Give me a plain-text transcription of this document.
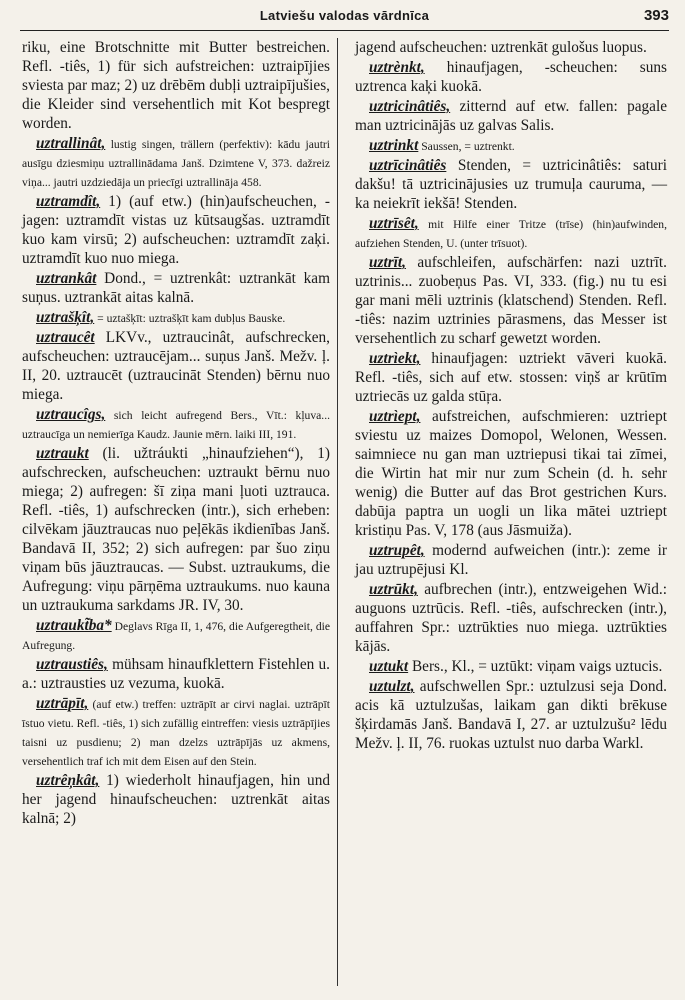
Latviešu valodas vārdnīca	393

riku, eine Brotschnitte mit Butter bestreichen. Refl. -tiês, 1) für sich aufstreichen: uztraipījies sviesta par maz; 2) uz drēbēm dubļi uztraipījušies, die Kleider sind versehentlich mit Kot bespregt worden.

uztrallinât, lustig singen, trällern (perfektiv): kādu jautri ausīgu dziesmiņu uztrallinādama Janš. Dzimtene V, 373. dažreiz viņa... jautri uzdziedāja un priecīgi uztrallināja 458.

uztramdît, 1) (auf etw.) (hin)aufscheuchen, -jagen: uztramdīt vistas uz kūtsaugšas. uztramdīt kuo kam virsū; 2) aufscheuchen: uztramdīt zaķi. uztramdīt kuo nuo miega.

uztrankât Dond., = uztrenkât: uztrankāt kam suņus. uztrankāt aitas kalnā.

uztrašķît, = uztašķīt: uztrašķīt kam dubļus Bauske.

uztraucêt LKVv., uztraucinât, aufschrecken, aufscheuchen: uztraucējam... suņus Janš. Mežv. ļ. II, 20. uztraucēt (uztraucināt Stenden) bērnu nuo miega.

uztraucîgs, sich leicht aufregend Bers., Vīt.: kļuva... uztraucīga un nemierīga Kaudz. Jaunie mērn. laiki III, 191.

uztraukt (li. užtráukti „hinaufziehen“), 1) aufschrecken, aufscheuchen: uztraukt bērnu nuo miega; 2) aufregen: šī ziņa mani ļuoti uztrauca. Refl. -tiês, 1) aufschrecken (intr.), sich erheben: cilvēkam jāuztraucas nuo peļēkās ikdienības Janš. Bandavā II, 352; 2) sich aufregen: par šuo ziņu viņam būs jāuztraucas. — Subst. uztraukums, die Aufregung: viņu pārņēma uztraukums. nuo kauna un uztraukuma sarkdams JR. IV, 30.

uztraukt̃ba* Deglavs Rīga II, 1, 476, die Aufgeregtheit, die Aufregung.

uztraustiês, mühsam hinaufklettern Fistehlen u. a.: uztrausties uz vezuma, kuokā.

uztrāpīt, (auf etw.) treffen: uztrāpīt ar cirvi naglai. uztrāpīt īstuo vietu. Refl. -tiês, 1) sich zufällig eintreffen: viesis uztrāpījies taisni uz pusdienu; 2) man dzelzs uztrāpījās uz akmens, versehentlich traf ich mit dem Eisen auf den Stein.

uztrêņkât, 1) wiederholt hinaufjagen, hin und her jagend hinaufscheuchen: uztrenkāt aitas kalnā; 2)

jagend aufscheuchen: uztrenkāt gulošus luopus.

uztrènkt, hinaufjagen, -scheuchen: suns uztrenca kaķi kuokā.

uztricinâtiês, zitternd auf etw. fallen: pagale man uztricinājās uz galvas Salis.

uztrinkt Saussen, = uztrenkt.

uztrīcinâtiês Stenden, = uztricinâtiês: saturi dakšu! tā uztricinājusies uz trumuļa cauruma, — ka neiekrīt iekšā! Stenden.

uztrīsêt, mit Hilfe einer Tritze (trīse) (hin)aufwinden, aufziehen Stenden, U. (unter trīsuot).

uztrīt, aufschleifen, aufschärfen: nazi uztrīt. uztrinis... zuobeņus Pas. VI, 333. (fig.) nu tu esi gar mani mēli uztrinis (klatschend) Stenden. Refl. -tiês: nazim uztrinies pārasmens, das Messer ist versehentlich zu scharf gewetzt worden.

uztrìekt, hinaufjagen: uztriekt vāveri kuokā. Refl. -tiês, sich auf etw. stossen: viņš ar krūtīm uztriecās uz galda stūŗa.

uztrìept, aufstreichen, aufschmieren: uztriept sviestu uz maizes Domopol, Welonen, Wessen. saimniece nu gan man uztriepusi tikai tai zīmei, die Wirtin hat mir nur zum Schein (d. h. sehr wenig) die Butter auf das Brot gestrichen Kurs. dabūja paptra un uogli un lika mātei uztriept kristiņu Pas. V, 178 (aus Jāsmuiža).

uztrupêt, modernd aufweichen (intr.): zeme ir jau uztrupējusi Kl.

uztrūkt, aufbrechen (intr.), entzweigehen Wid.: auguons uztrūcis. Refl. -tiês, aufschrecken (intr.), auffahren Spr.: uztrūkties nuo miega. uztrūkties kājās.

uztukt Bers., Kl., = uztūkt: viņam vaigs uztucis.

uztulzt, aufschwellen Spr.: uztulzusi seja Dond. acis kā uztulzušas, laikam gan dikti brēkuse šķirdamās Janš. Bandavā I, 27. ar uztulzušu² lēdu Mežv. ļ. II, 76. ruokas uztulst nuo darba Warkl.
